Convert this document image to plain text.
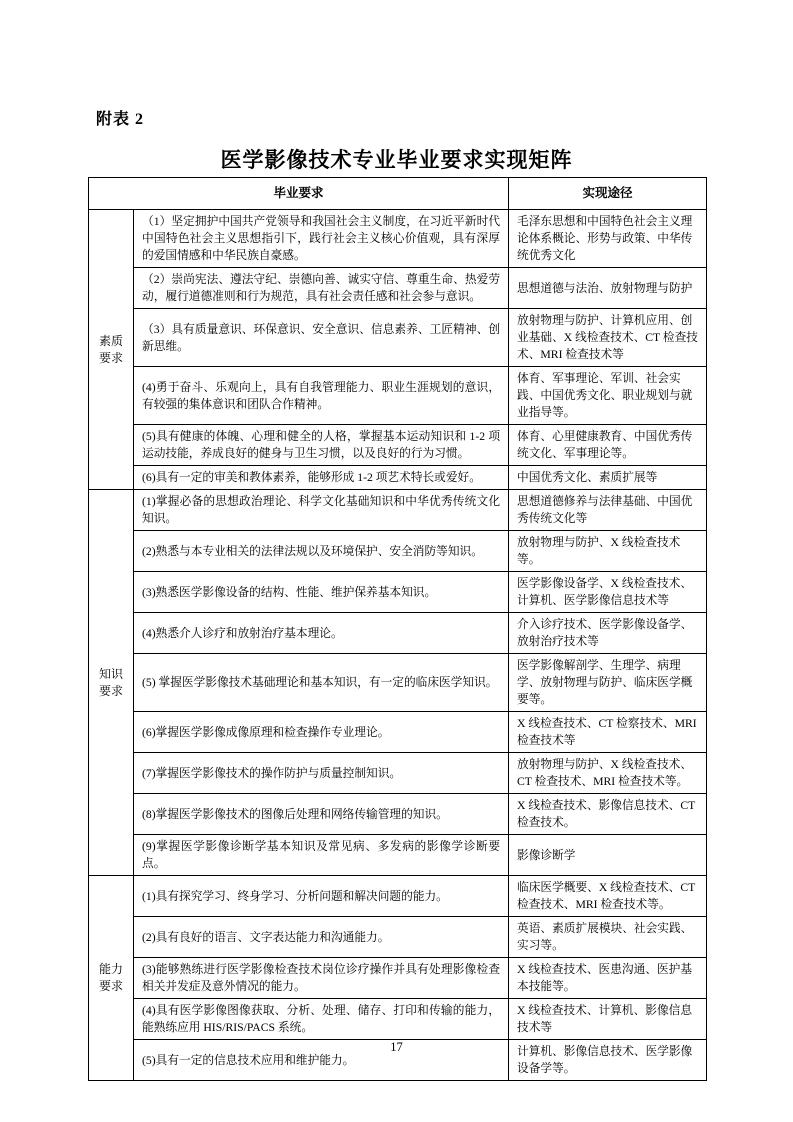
附表 2
医学影像技术专业毕业要求实现矩阵
毕业要求		实现途径
素质要求	（1）坚定拥护中国共产党领导和我国社会主义制度，在习近平新时代中国特色社会主义思想指引下，践行社会主义核心价值观，具有深厚的爱国情感和中华民族自豪感。	毛泽东思想和中国特色社会主义理论体系概论、形势与政策、中华传统优秀文化
	（2）崇尚宪法、遵法守纪、崇德向善、诚实守信、尊重生命、热爱劳动，履行道德准则和行为规范，具有社会责任感和社会参与意识。	思想道德与法治、放射物理与防护
	（3）具有质量意识、环保意识、安全意识、信息素养、工匠精神、创新思维。	放射物理与防护、计算机应用、创业基础、X 线检查技术、CT 检查技术、MRI 检查技术等
	(4)勇于奋斗、乐观向上，具有自我管理能力、职业生涯规划的意识，有较强的集体意识和团队合作精神。	体育、军事理论、军训、社会实践、中国优秀文化、职业规划与就业指导等。
	(5)具有健康的体魄、心理和健全的人格，掌握基本运动知识和 1-2 项运动技能，养成良好的健身与卫生习惯，以及良好的行为习惯。	体育、心里健康教育、中国优秀传统文化、军事理论等。
	(6)具有一定的审美和教体素养，能够形成 1-2 项艺术特长或爱好。	中国优秀文化、素质扩展等
知识要求	(1)掌握必备的思想政治理论、科学文化基础知识和中华优秀传统文化知识。	思想道德修养与法律基础、中国优秀传统文化等
	(2)熟悉与本专业相关的法律法规以及环境保护、安全消防等知识。	放射物理与防护、X 线检查技术等。
	(3)熟悉医学影像设备的结构、性能、维护保养基本知识。	医学影像设备学、X 线检查技术、计算机、医学影像信息技术等
	(4)熟悉介人诊疗和放射治疗基本理论。	介入诊疗技术、医学影像设备学、放射治疗技术等
	(5) 掌握医学影像技术基础理论和基本知识，有一定的临床医学知识。	医学影像解剖学、生理学、病理学、放射物理与防护、临床医学概要等。
	(6)掌握医学影像成像原理和检查操作专业理论。	X 线检查技术、CT 检察技术、MRI 检查技术等
	(7)掌握医学影像技术的操作防护与质量控制知识。	放射物理与防护、X 线检查技术、CT 检查技术、MRI 检查技术等。
	(8)掌握医学影像技术的图像后处理和网络传输管理的知识。	X 线检查技术、影像信息技术、CT 检查技术。
	(9)掌握医学影像诊断学基本知识及常见病、多发病的影像学诊断要点。	影像诊断学
能力要求	(1)具有探究学习、终身学习、分析问题和解决问题的能力。	临床医学概要、X 线检查技术、CT 检查技术、MRI 检查技术等。
	(2)具有良好的语言、文字表达能力和沟通能力。	英语、素质扩展模块、社会实践、实习等。
	(3)能够熟练进行医学影像检查技术岗位诊疗操作并具有处理影像检查相关并发症及意外情况的能力。	X 线检查技术、医患沟通、医护基本技能等。
	(4)具有医学影像图像获取、分析、处理、储存、打印和传输的能力，能熟练应用 HIS/RIS/PACS 系统。	X 线检查技术、计算机、影像信息技术等
	(5)具有一定的信息技术应用和维护能力。	计算机、影像信息技术、医学影像设备学等。
17
